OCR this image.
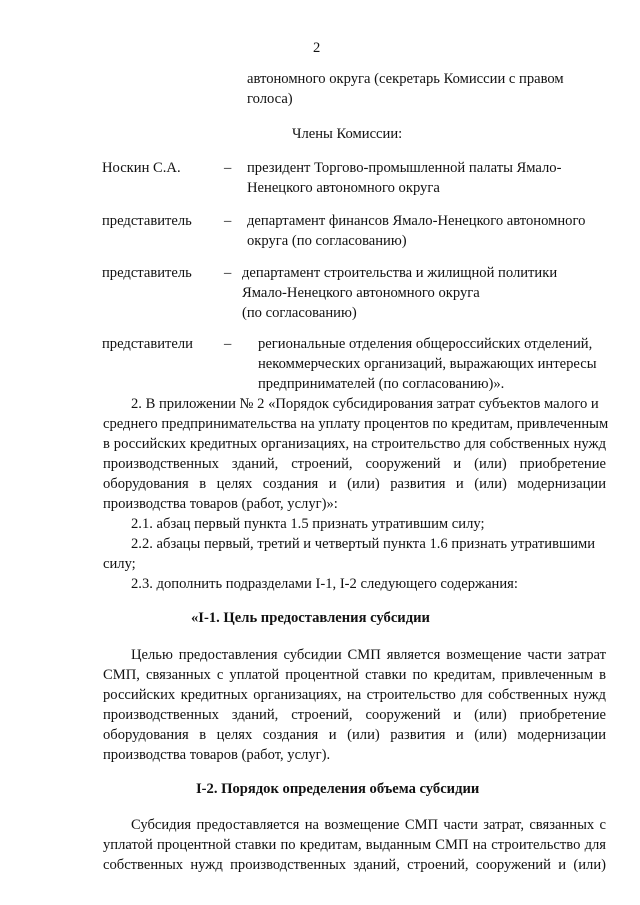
2
автономного округа (секретарь Комиссии с правом
голоса)
Члены Комиссии:
Носкин С.А.	– президент Торгово-промышленной палаты Ямало-
Ненецкого автономного округа
представитель – департамент финансов Ямало-Ненецкого автономного
округа (по согласованию)
представитель – департамент строительства и жилищной политики
Ямало-Ненецкого автономного округа
(по согласованию)
представители – региональные отделения общероссийских отделений,
некоммерческих организаций, выражающих интересы
предпринимателей (по согласованию)».
2. В приложении № 2 «Порядок субсидирования затрат субъектов малого и
среднего предпринимательства на уплату процентов по кредитам, привлеченным
в российских кредитных организациях, на строительство для собственных нужд
производственных зданий, строений, сооружений и (или) приобретение
оборудования в целях создания и (или) развития и (или) модернизации
производства товаров (работ, услуг)»:
2.1. абзац первый пункта 1.5 признать утратившим силу;
2.2. абзацы первый, третий и четвертый пункта 1.6 признать утратившими
силу;
2.3. дополнить подразделами I-1, I-2 следующего содержания:
«I-1. Цель предоставления субсидии
Целью предоставления субсидии СМП является возмещение части затрат
СМП, связанных с уплатой процентной ставки по кредитам, привлеченным в
российских кредитных организациях, на строительство для собственных нужд
производственных зданий, строений, сооружений и (или) приобретение
оборудования в целях создания и (или) развития и (или) модернизации
производства товаров (работ, услуг).
I-2. Порядок определения объема субсидии
Субсидия предоставляется на возмещение СМП части затрат, связанных с
уплатой процентной ставки по кредитам, выданным СМП на строительство для
собственных нужд производственных зданий, строений, сооружений и (или)
